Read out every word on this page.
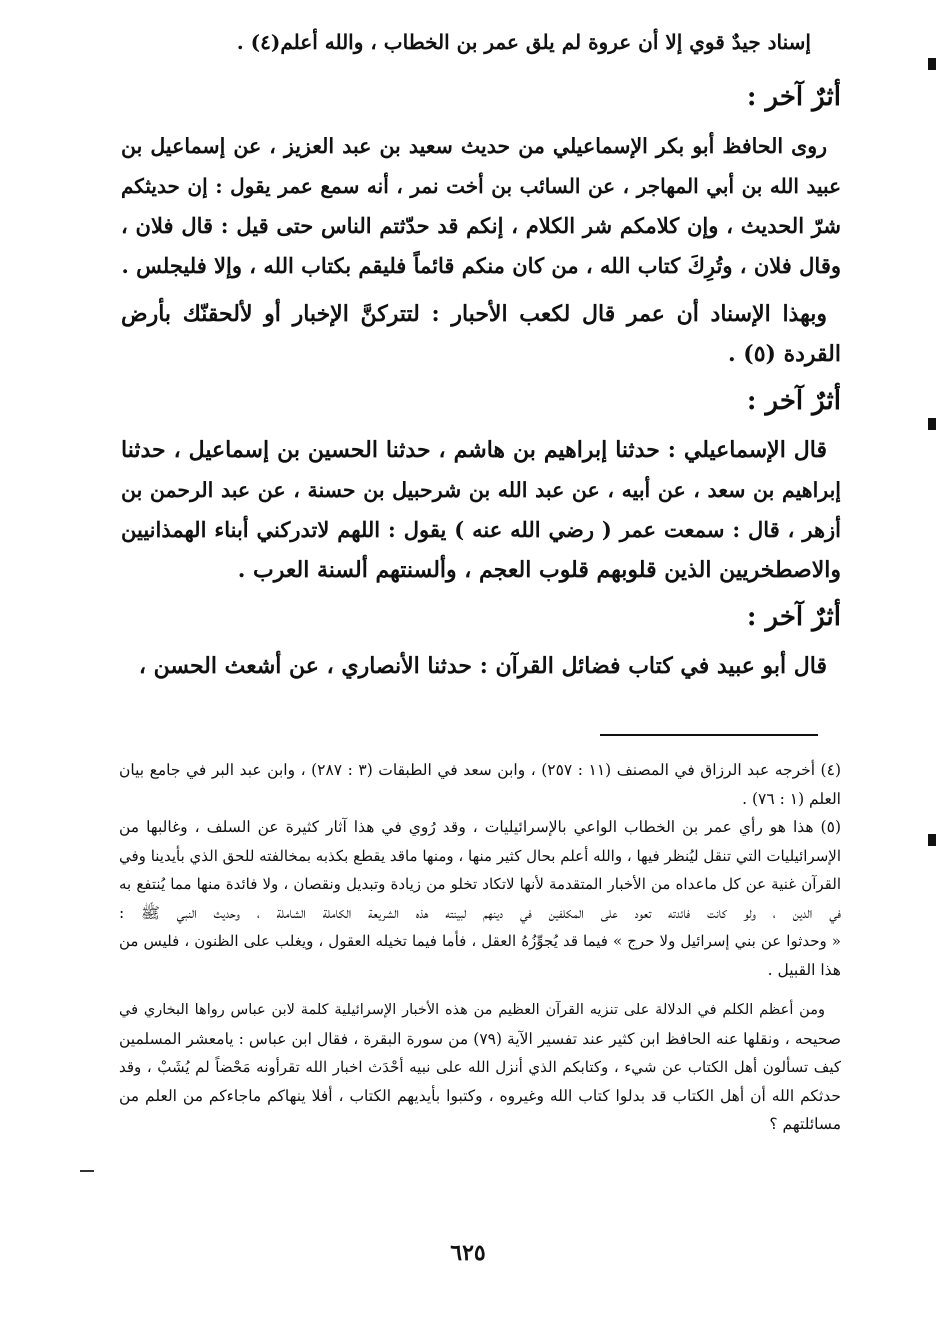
إسناد جيدٌ قوي إلا أن عروة لم يلق عمر بن الخطاب ، والله أعلم(٤) .
أثرٌ آخر :
روى الحافظ أبو بكر الإسماعيلي من حديث سعيد بن عبد العزيز ، عن إسماعيل بن
عبيد الله بن أبي المهاجر ، عن السائب بن أخت نمر ، أنه سمع عمر يقول : إن حديثكم
شرّ الحديث ، وإن كلامكم شر الكلام ، إنكم قد حدّثتم الناس حتى قيل : قال فلان ،
وقال فلان ، وتُرِكَ كتاب الله ، من كان منكم قائماً فليقم بكتاب الله ، وإلا فليجلس .
وبهذا الإسناد أن عمر قال لكعب الأحبار : لتتركنَّ الإخبار أو لألحقنّك بأرض
القردة (٥) .
أثرٌ آخر :
قال الإسماعيلي : حدثنا إبراهيم بن هاشم ، حدثنا الحسين بن إسماعيل ، حدثنا
إبراهيم بن سعد ، عن أبيه ، عن عبد الله بن شرحبيل بن حسنة ، عن عبد الرحمن بن
أزهر ، قال : سمعت عمر ( رضي الله عنه ) يقول : اللهم لاتدركني أبناء الهمذانيين
والاصطخريين الذين قلوبهم قلوب العجم ، وألسنتهم ألسنة العرب .
أثرٌ آخر :
قال أبو عبيد في كتاب فضائل القرآن : حدثنا الأنصاري ، عن أشعث الحسن ،
(٤) أخرجه عبد الرزاق في المصنف (١١ : ٢٥٧) ، وابن سعد في الطبقات (٣ : ٢٨٧) ، وابن عبد البر في جامع بيان
العلم (١ : ٧٦) .
(٥) هذا هو رأي عمر بن الخطاب الواعي بالإسرائيليات ، وقد رُوي في هذا آثار كثيرة عن السلف ، وغالبها من
الإسرائيليات التي تنقل ليُنظر فيها ، والله أعلم بحال كثير منها ، ومنها ماقد يقطع بكذبه بمخالفته للحق الذي بأيدينا وفي
القرآن غنية عن كل ماعداه من الأخبار المتقدمة لأنها لاتكاد تخلو من زيادة وتبديل ونقصان ، ولا فائدة منها مما يُنتفع به
في الدين ، ولو كانت فائدته تعود على المكلفين في دينهم لبينته هذه الشريعة الكاملة الشاملة ، وحديث النبي ﷺ :
« وحدثوا عن بني إسرائيل ولا حرج » فيما قد يُجوِّزُهُ العقل ، فأما فيما تخيله العقول ، ويغلب على الظنون ، فليس من
هذا القبيل .
ومن أعظم الكلم في الدلالة على تنزيه القرآن العظيم من هذه الأخبار الإسرائيلية كلمة لابن عباس رواها البخاري في
صحيحه ، ونقلها عنه الحافظ ابن كثير عند تفسير الآية (٧٩) من سورة البقرة ، فقال ابن عباس : يامعشر المسلمين
كيف تسألون أهل الكتاب عن شيء ، وكتابكم الذي أنزل الله على نبيه أحْدَث اخبار الله تقرأونه مَحْضاً لم يُشَبْ ، وقد
حدثكم الله أن أهل الكتاب قد بدلوا كتاب الله وغيروه ، وكتبوا بأيديهم الكتاب ، أفلا ينهاكم ماجاءكم من العلم من
مسائلتهم ؟
٦٢٥
